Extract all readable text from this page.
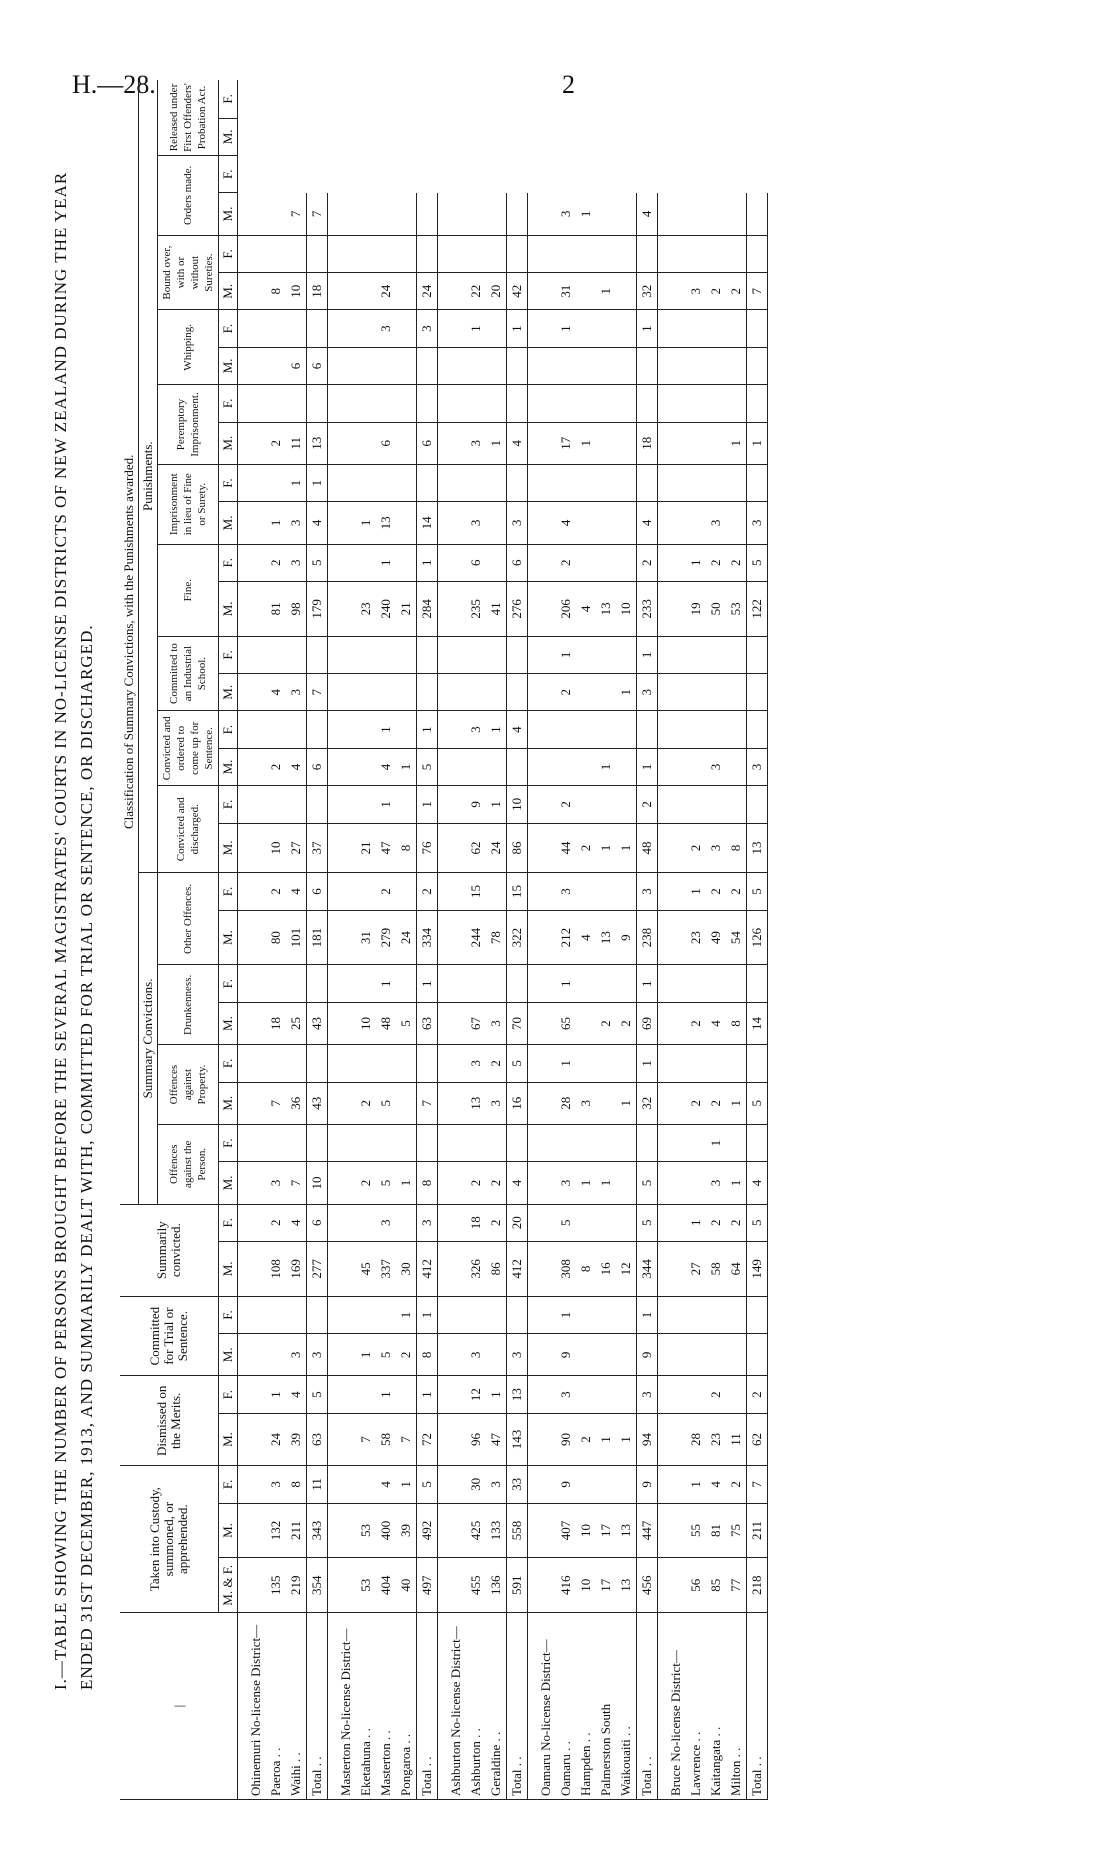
H.—28.	2
I.—TABLE SHOWING THE NUMBER OF PERSONS BROUGHT BEFORE THE SEVERAL MAGISTRATES' COURTS IN NO-LICENSE DISTRICTS OF NEW ZEALAND DURING THE YEAR ENDED 31ST DECEMBER, 1913, AND SUMMARILY DEALT WITH, COMMITTED FOR TRIAL OR SENTENCE, OR DISCHARGED.
|	Taken into Custody, summoned, or apprehended.			Dismissed on the Merits.		Committed for Trial or Sentence.		Summarily convicted.		Classification of Summary Convictions, with the Punishments awarded.																											
										Summary Convictions.								Punishments.																			
										Offences against the Person.		Offences against Property.		Drunkenness.		Other Offences.		Convicted and discharged.		Convicted and ordered to come up for Sentence.		Committed to an Industrial School.		Fine.		Imprisonment in lieu of Fine or Surety.		Peremptory Imprisonment.		Whipping.		Bound over, with or without Sureties.		Orders made.		Released under First Offenders' Probation Act.	
	M. & F.	M.	F.	M.	F.	M.	F.	M.	F.	M.	F.	M.	F.	M.	F.	M.	F.	M.	F.	M.	F.	M.	F.	M.	F.	M.	F.	M.	F.	M.	F.	M.	F.	M.	F.	M.	F.
Ohinemuri No-license District—																																					
Paeroa . .	135	132	3	24	1			108	2	3		7		18		80	2	10		2		4		81	2	1		2				8					
Waihi . .	219	211	8	39	4	3		169	4	7		36		25		101	4	27		4		3		98	3	3	1	11		6		10		7			
Total . .	354	343	11	63	5	3		277	6	10		43		43		181	6	37		6		7		179	5	4	1	13		6		18		7			
Masterton No-license District—																																					
Eketahuna . .	53	53		7		1		45		2		2		10		31		21						23		1											
Masterton . .	404	400	4	58	1	5		337	3	5		5		48	1	279	2	47	1	4	1			240	1	13		6			3	24					
Pongaroa . .	40	39	1	7		2	1	30		1				5		24		8		1				21													
Total . .	497	492	5	72	1	8	1	412	3	8		7		63	1	334	2	76	1	5	1			284	1	14		6			3	24					
Ashburton No-license District—																																					
Ashburton . .	455	425	30	96	12	3		326	18	2		13	3	67		244	15	62	9		3			235	6	3		3			1	22					
Geraldine . .	136	133	3	47	1			86	2	2		3	2	3		78		24	1		1			41				1				20					
Total . .	591	558	33	143	13	3		412	20	4		16	5	70		322	15	86	10		4			276	6	3		4			1	42					
Oamaru No-license District—																																					
Oamaru . .	416	407	9	90	3	9	1	308	5	3		28	1	65	1	212	3	44	2			2	1	206	2	4		17			1	31		3			
Hampden . .	10	10		2				8		1		3				4		2						4				1						1			
Palmerston South	17	17		1				16		1				2		13		1		1				13								1					
Waikouaiti . .	13	13		1				12				1		2		9		1				1		10													
Total . .	456	447	9	94	3	9	1	344	5	5		32	1	69	1	238	3	48	2	1		3	1	233	2	4		18			1	32		4			
Bruce No-license District—																																					
Lawrence . .	56	55	1	28				27	1			2		2		23	1	2						19	1							3					
Kaitangata . .	85	81	4	23	2			58	2	3	1	2		4		49	2	3		3				50	2	3						2					
Milton . .	77	75	2	11				64	2	1		1		8		54	2	8						53	2			1				2					
Total . .	218	211	7	62	2			149	5	4		5		14		126	5	13		3				122	5	3		1				7					
